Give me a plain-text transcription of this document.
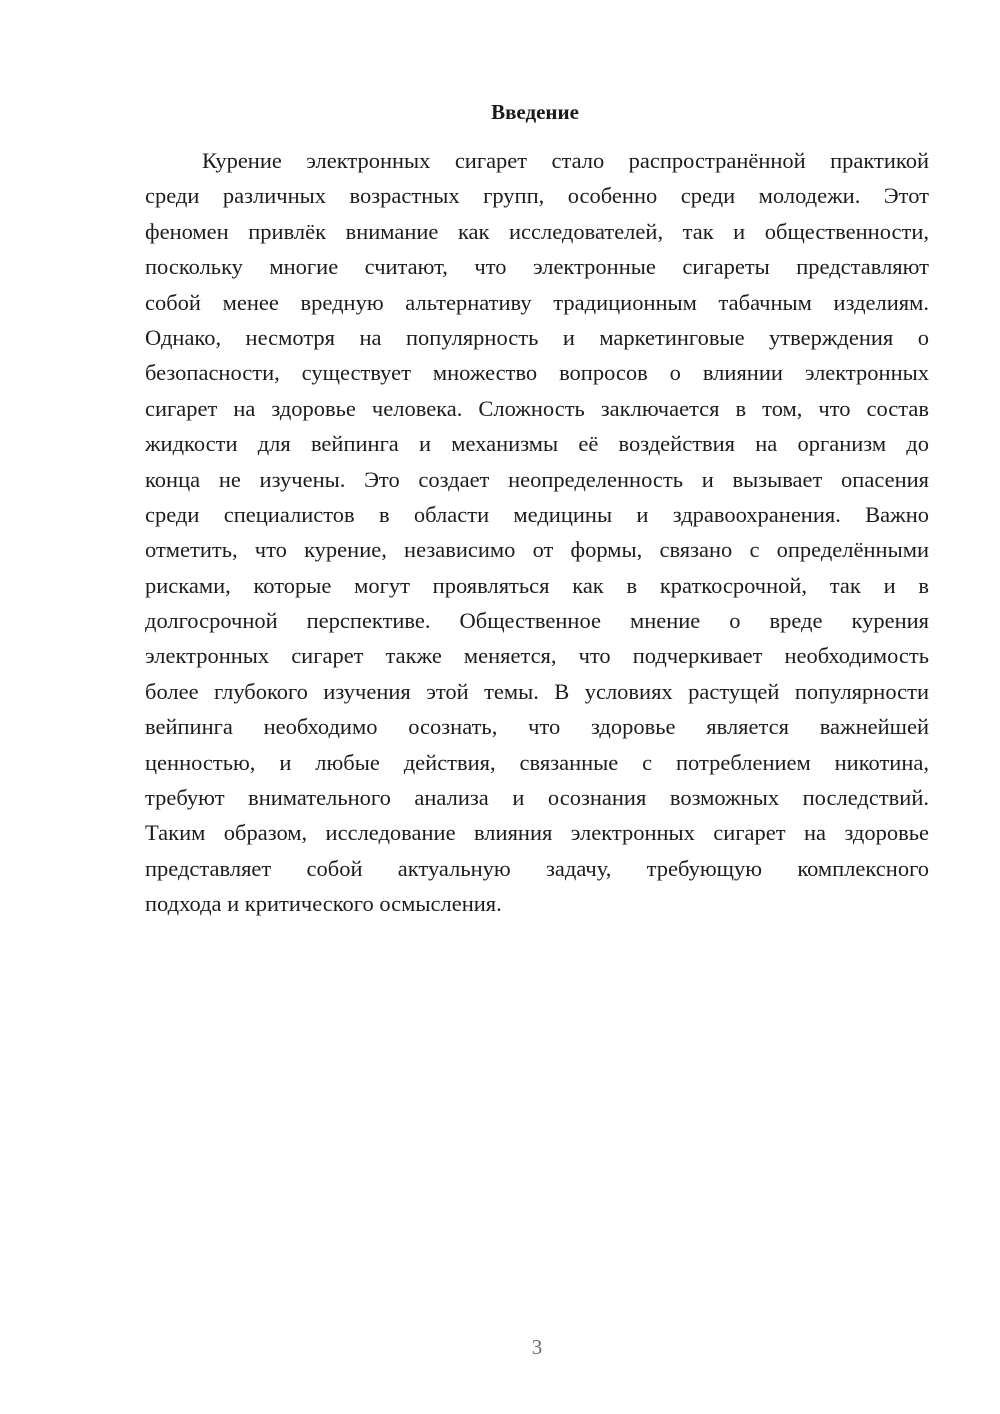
Введение
Курение электронных сигарет стало распространённой практикой
среди различных возрастных групп, особенно среди молодежи. Этот
феномен привлёк внимание как исследователей, так и общественности,
поскольку многие считают, что электронные сигареты представляют
собой менее вредную альтернативу традиционным табачным изделиям.
Однако, несмотря на популярность и маркетинговые утверждения о
безопасности, существует множество вопросов о влиянии электронных
сигарет на здоровье человека. Сложность заключается в том, что состав
жидкости для вейпинга и механизмы её воздействия на организм до
конца не изучены. Это создает неопределенность и вызывает опасения
среди специалистов в области медицины и здравоохранения. Важно
отметить, что курение, независимо от формы, связано с определёнными
рисками, которые могут проявляться как в краткосрочной, так и в
долгосрочной перспективе. Общественное мнение о вреде курения
электронных сигарет также меняется, что подчеркивает необходимость
более глубокого изучения этой темы. В условиях растущей популярности
вейпинга необходимо осознать, что здоровье является важнейшей
ценностью, и любые действия, связанные с потреблением никотина,
требуют внимательного анализа и осознания возможных последствий.
Таким образом, исследование влияния электронных сигарет на здоровье
представляет собой актуальную задачу, требующую комплексного
подхода и критического осмысления.
3
